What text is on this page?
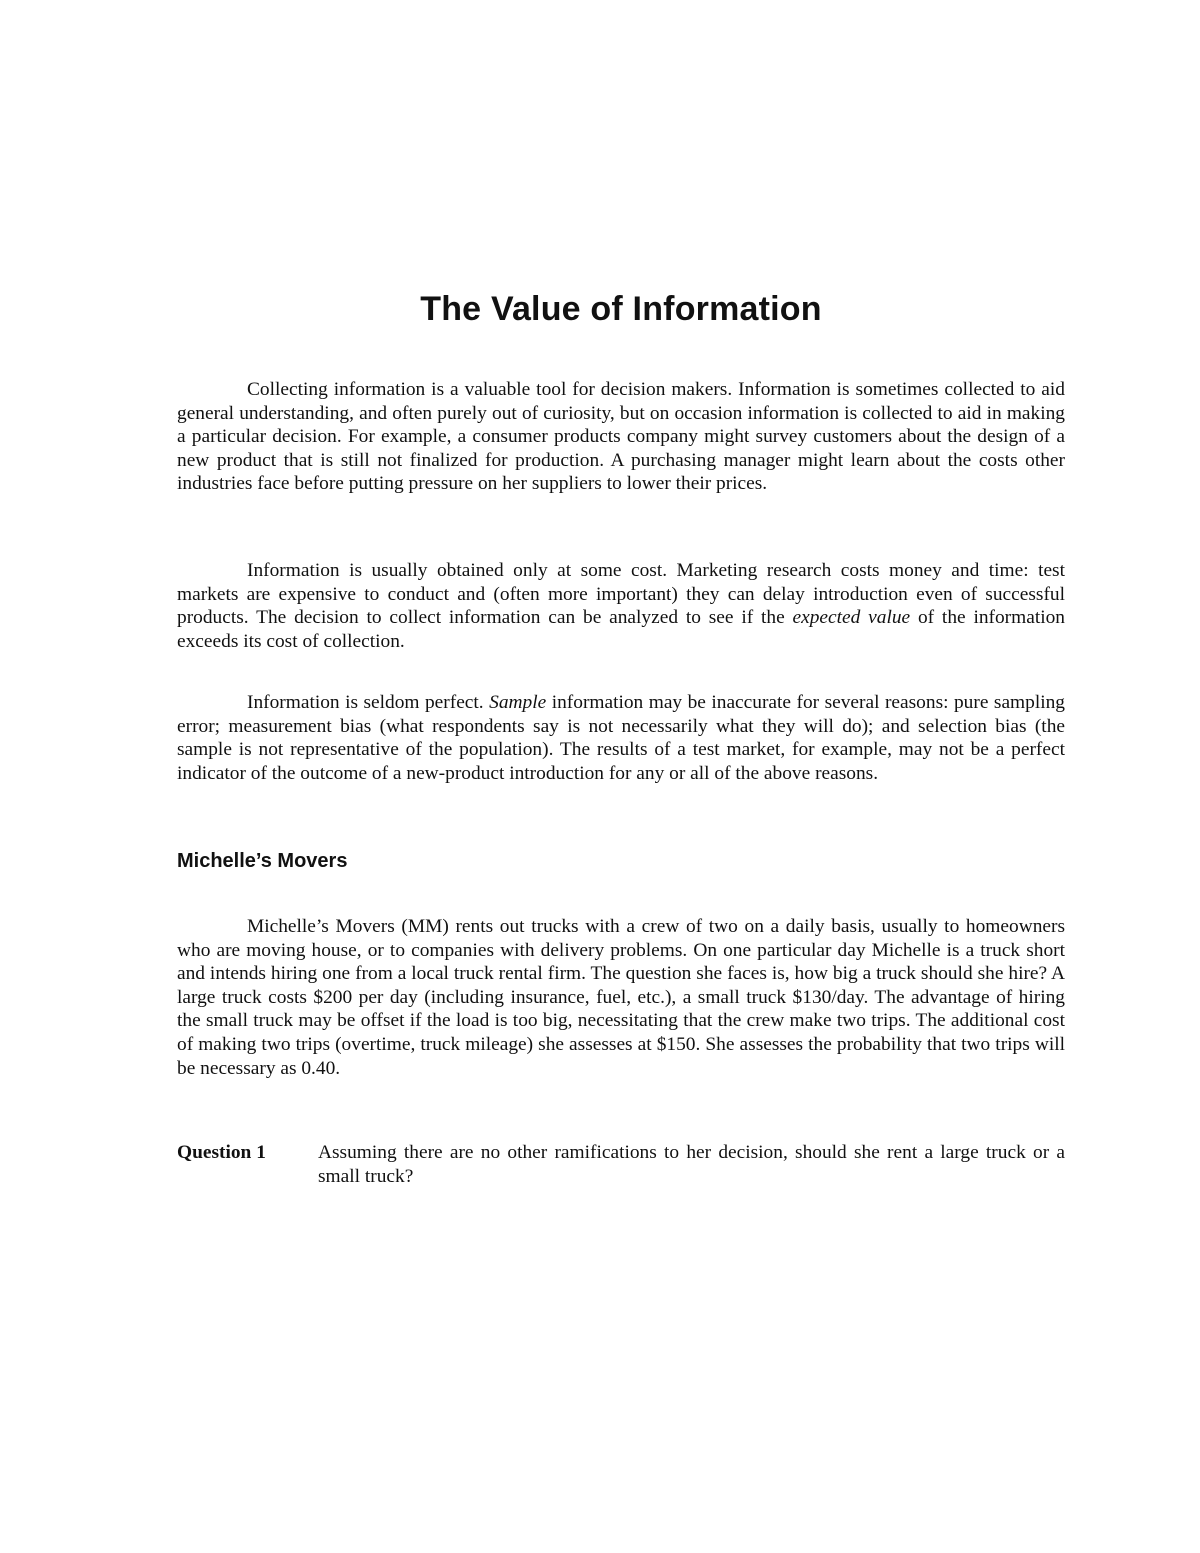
The Value of Information

Collecting information is a valuable tool for decision makers. Information is sometimes collected to aid general understanding, and often purely out of curiosity, but on occasion information is collected to aid in making a particular decision. For example, a consumer products company might survey customers about the design of a new product that is still not finalized for production. A purchasing manager might learn about the costs other industries face before putting pressure on her suppliers to lower their prices.

Information is usually obtained only at some cost. Marketing research costs money and time: test markets are expensive to conduct and (often more important) they can delay introduction even of successful products. The decision to collect information can be analyzed to see if the expected value of the information exceeds its cost of collection.

Information is seldom perfect. Sample information may be inaccurate for several reasons: pure sampling error; measurement bias (what respondents say is not necessarily what they will do); and selection bias (the sample is not representative of the population). The results of a test market, for example, may not be a perfect indicator of the outcome of a new-product introduction for any or all of the above reasons.

Michelle’s Movers

Michelle’s Movers (MM) rents out trucks with a crew of two on a daily basis, usually to homeowners who are moving house, or to companies with delivery problems. On one particular day Michelle is a truck short and intends hiring one from a local truck rental firm. The question she faces is, how big a truck should she hire? A large truck costs $200 per day (including insurance, fuel, etc.), a small truck $130/day. The advantage of hiring the small truck may be offset if the load is too big, necessitating that the crew make two trips. The additional cost of making two trips (overtime, truck mileage) she assesses at $150. She assesses the probability that two trips will be necessary as 0.40.

Question 1	Assuming there are no other ramifications to her decision, should she rent a large truck or a small truck?
